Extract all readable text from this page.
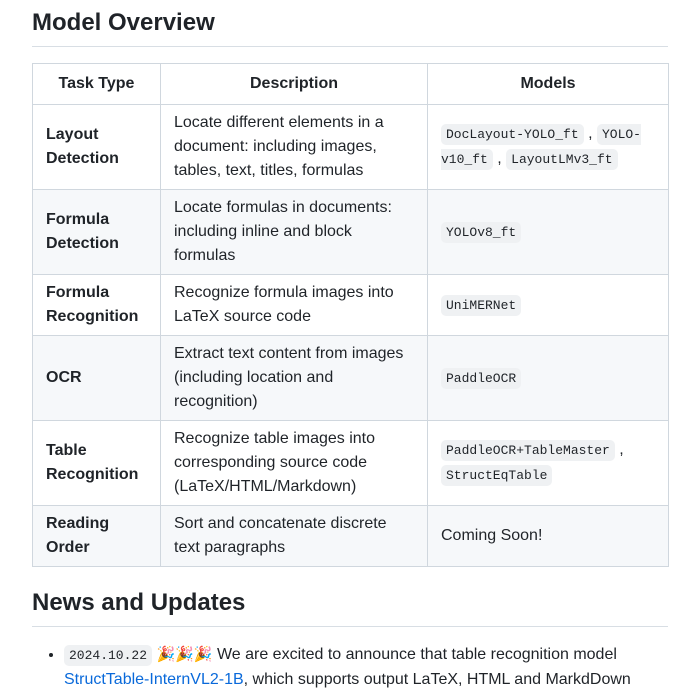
Model Overview
Task Type	Description	Models
Layout Detection	Locate different elements in a document: including images, tables, text, titles, formulas	DocLayout-YOLO_ft , YOLO-v10_ft , LayoutLMv3_ft
Formula Detection	Locate formulas in documents: including inline and block formulas	YOLOv8_ft
Formula Recognition	Recognize formula images into LaTeX source code	UniMERNet
OCR	Extract text content from images (including location and recognition)	PaddleOCR
Table Recognition	Recognize table images into corresponding source code (LaTeX/HTML/Markdown)	PaddleOCR+TableMaster , StructEqTable
Reading Order	Sort and concatenate discrete text paragraphs	Coming Soon!
News and Updates
• 2024.10.22 🎉🎉🎉 We are excited to announce that table recognition model StructTable-InternVL2-1B, which supports output LaTeX, HTML and MarkdDown
